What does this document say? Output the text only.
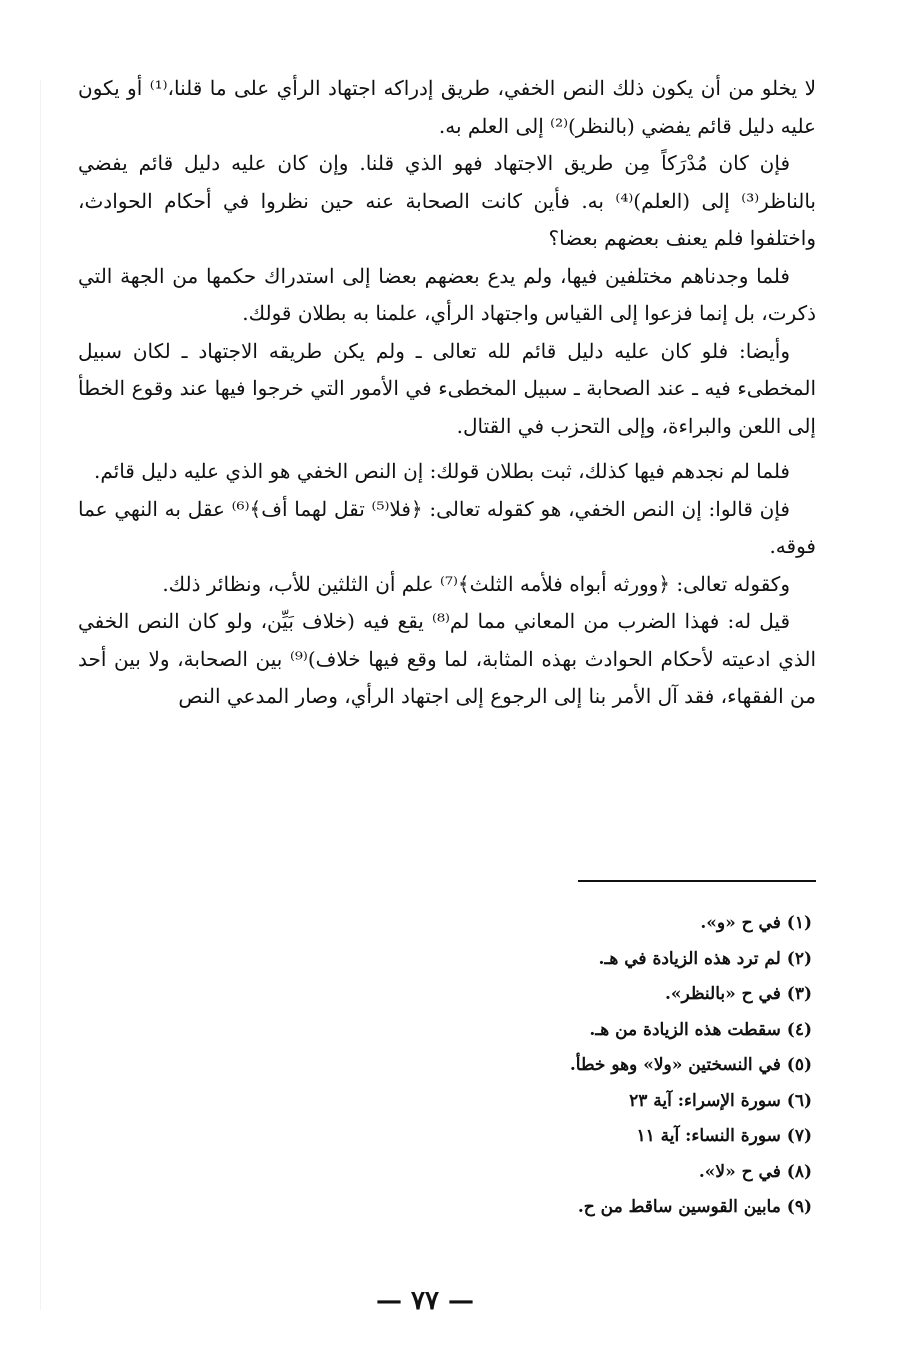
لا يخلو من أن يكون ذلك النص الخفي، طريق إدراكه اجتهاد الرأي على ما قلنا،⁽¹⁾ أو يكون عليه دليل قائم يفضي (بالنظر)⁽²⁾ إلى العلم به.

فإن كان مُدْرَكاً مِن طريق الاجتهاد فهو الذي قلنا. وإن كان عليه دليل قائم يفضي بالناظر⁽³⁾ إلى (العلم)⁽⁴⁾ به. فأين كانت الصحابة عنه حين نظروا في أحكام الحوادث، واختلفوا فلم يعنف بعضهم بعضا؟

فلما وجدناهم مختلفين فيها، ولم يدع بعضهم بعضا إلى استدراك حكمها من الجهة التي ذكرت، بل إنما فزعوا إلى القياس واجتهاد الرأي، علمنا به بطلان قولك.

وأيضا: فلو كان عليه دليل قائم لله تعالى ـ ولم يكن طريقه الاجتهاد ـ لكان سبيل المخطىء فيه ـ عند الصحابة ـ سبيل المخطىء في الأمور التي خرجوا فيها عند وقوع الخطأ إلى اللعن والبراءة، وإلى التحزب في القتال.

فلما لم نجدهم فيها كذلك، ثبت بطلان قولك: إن النص الخفي هو الذي عليه دليل قائم.

فإن قالوا: إن النص الخفي، هو كقوله تعالى: ﴿فلا⁽⁵⁾ تقل لهما أف﴾⁽⁶⁾ عقل به النهي عما فوقه.

وكقوله تعالى: ﴿وورثه أبواه فلأمه الثلث﴾⁽⁷⁾ علم أن الثلثين للأب، ونظائر ذلك.

قيل له: فهذا الضرب من المعاني مما لم⁽⁸⁾ يقع فيه (خلاف بَيِّن، ولو كان النص الخفي الذي ادعيته لأحكام الحوادث بهذه المثابة، لما وقع فيها خلاف)⁽⁹⁾ بين الصحابة، ولا بين أحد من الفقهاء، فقد آل الأمر بنا إلى الرجوع إلى اجتهاد الرأي، وصار المدعي النص

(١) في ح «و».
(٢) لم ترد هذه الزيادة في هـ.
(٣) في ح «بالنظر».
(٤) سقطت هذه الزيادة من هـ.
(٥) في النسختين «ولا» وهو خطأ.
(٦) سورة الإسراء: آية ٢٣
(٧) سورة النساء: آية ١١
(٨) في ح «لا».
(٩) مابين القوسين ساقط من ح.
— ٧٧ —
